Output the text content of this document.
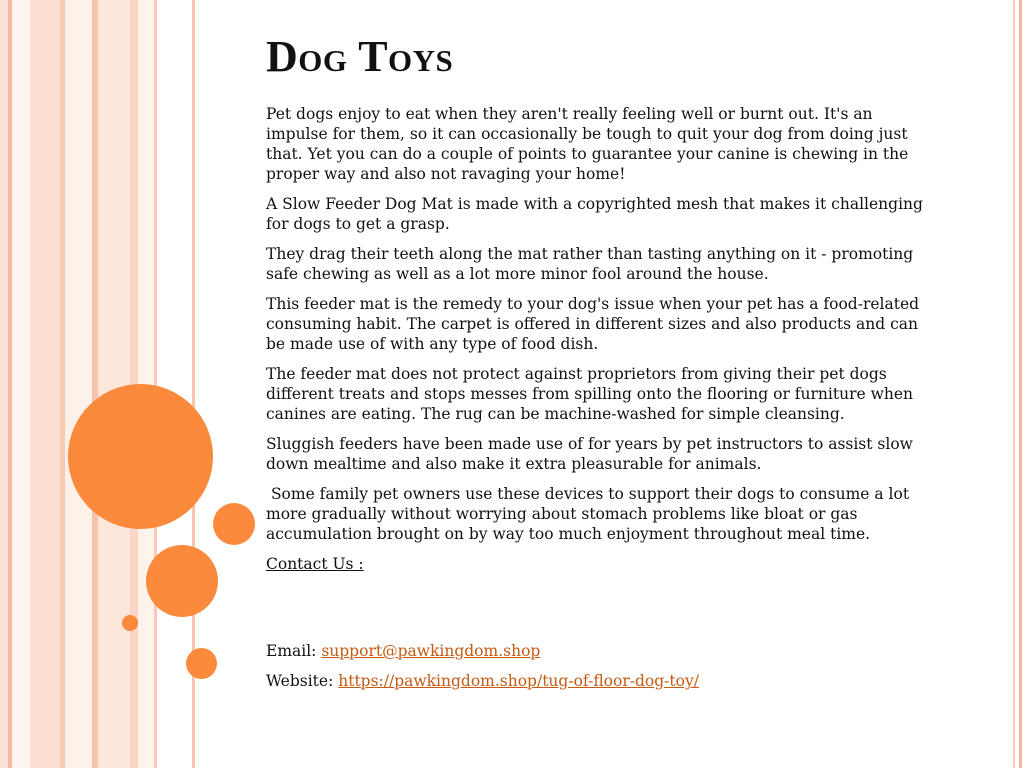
Dog Toys

Pet dogs enjoy to eat when they aren't really feeling well or burnt out. It's an impulse for them, so it can occasionally be tough to quit your dog from doing just that. Yet you can do a couple of points to guarantee your canine is chewing in the proper way and also not ravaging your home!

A Slow Feeder Dog Mat is made with a copyrighted mesh that makes it challenging for dogs to get a grasp.

They drag their teeth along the mat rather than tasting anything on it - promoting safe chewing as well as a lot more minor fool around the house.

This feeder mat is the remedy to your dog's issue when your pet has a food-related consuming habit. The carpet is offered in different sizes and also products and can be made use of with any type of food dish.

The feeder mat does not protect against proprietors from giving their pet dogs different treats and stops messes from spilling onto the flooring or furniture when canines are eating. The rug can be machine-washed for simple cleansing.

Sluggish feeders have been made use of for years by pet instructors to assist slow down mealtime and also make it extra pleasurable for animals.

Some family pet owners use these devices to support their dogs to consume a lot more gradually without worrying about stomach problems like bloat or gas accumulation brought on by way too much enjoyment throughout meal time.

Contact Us :

Email: support@pawkingdom.shop

Website: https://pawkingdom.shop/tug-of-floor-dog-toy/
